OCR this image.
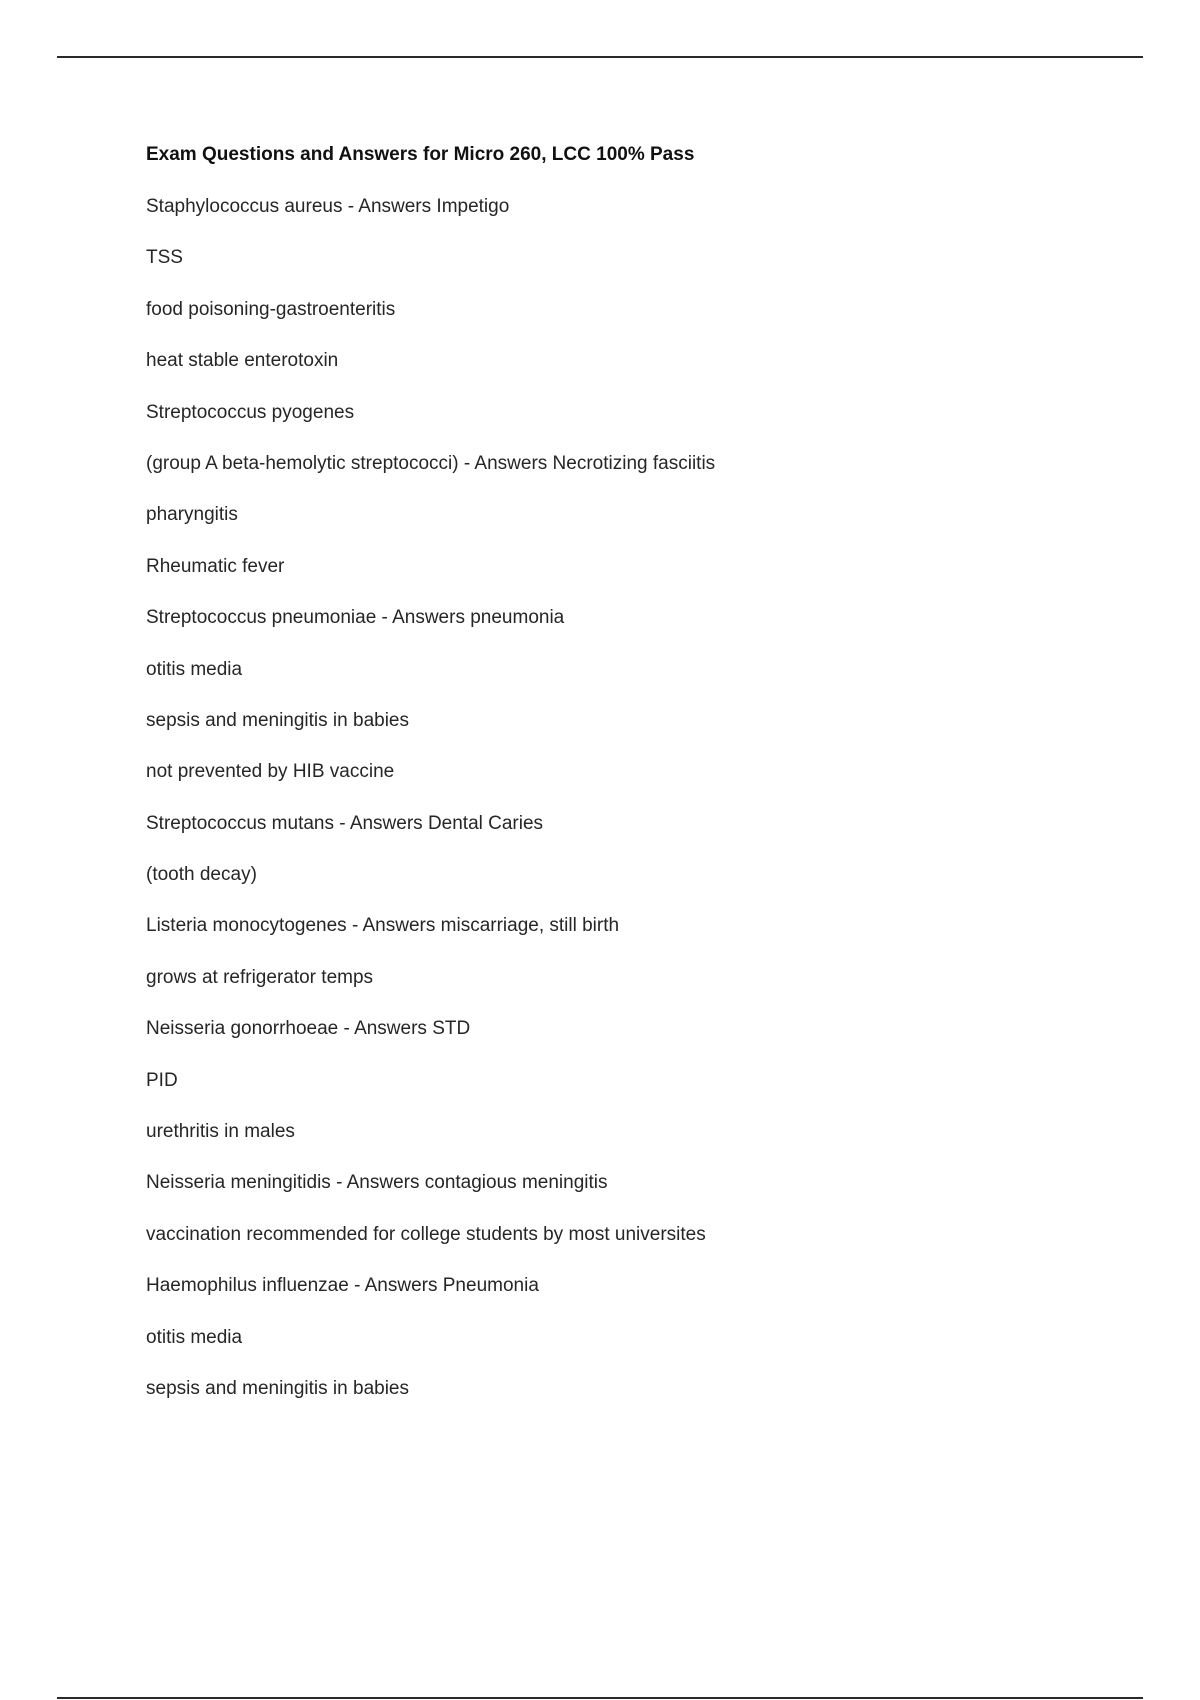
Exam Questions and Answers for Micro 260, LCC 100% Pass
Staphylococcus aureus - Answers Impetigo
TSS
food poisoning-gastroenteritis
heat stable enterotoxin
Streptococcus pyogenes
(group A beta-hemolytic streptococci) - Answers Necrotizing fasciitis
pharyngitis
Rheumatic fever
Streptococcus pneumoniae - Answers pneumonia
otitis media
sepsis and meningitis in babies
not prevented by HIB vaccine
Streptococcus mutans - Answers Dental Caries
(tooth decay)
Listeria monocytogenes - Answers miscarriage, still birth
grows at refrigerator temps
Neisseria gonorrhoeae - Answers STD
PID
urethritis in males
Neisseria meningitidis - Answers contagious meningitis
vaccination recommended for college students by most universites
Haemophilus influenzae - Answers Pneumonia
otitis media
sepsis and meningitis in babies
